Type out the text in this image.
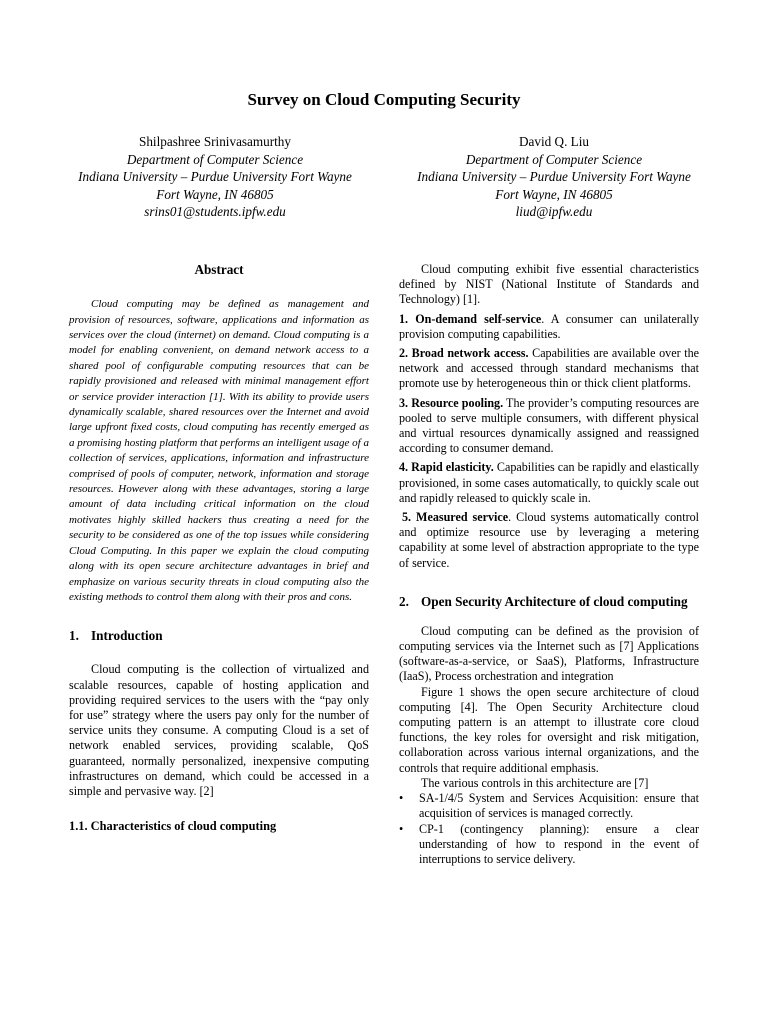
Survey on Cloud Computing Security
Shilpashree Srinivasamurthy
Department of Computer Science
Indiana University – Purdue University Fort Wayne
Fort Wayne, IN 46805
srins01@students.ipfw.edu
David Q. Liu
Department of Computer Science
Indiana University – Purdue University Fort Wayne
Fort Wayne, IN 46805
liud@ipfw.edu
Abstract

Cloud computing may be defined as management and provision of resources, software, applications and information as services over the cloud (internet) on demand. Cloud computing is a model for enabling convenient, on demand network access to a shared pool of configurable computing resources that can be rapidly provisioned and released with minimal management effort or service provider interaction [1]. With its ability to provide users dynamically scalable, shared resources over the Internet and avoid large upfront fixed costs, cloud computing has recently emerged as a promising hosting platform that performs an intelligent usage of a collection of services, applications, information and infrastructure comprised of pools of computer, network, information and storage resources. However along with these advantages, storing a large amount of data including critical information on the cloud motivates highly skilled hackers thus creating a need for the security to be considered as one of the top issues while considering Cloud Computing. In this paper we explain the cloud computing along with its open secure architecture advantages in brief and emphasize on various security threats in cloud computing also the existing methods to control them along with their pros and cons.

1. Introduction

Cloud computing is the collection of virtualized and scalable resources, capable of hosting application and providing required services to the users with the “pay only for use” strategy where the users pay only for the number of service units they consume. A computing Cloud is a set of network enabled services, providing scalable, QoS guaranteed, normally personalized, inexpensive computing infrastructures on demand, which could be accessed in a simple and pervasive way. [2]

1.1. Characteristics of cloud computing

Cloud computing exhibit five essential characteristics defined by NIST (National Institute of Standards and Technology) [1].

1. On-demand self-service. A consumer can unilaterally provision computing capabilities.

2. Broad network access. Capabilities are available over the network and accessed through standard mechanisms that promote use by heterogeneous thin or thick client platforms.

3. Resource pooling. The provider’s computing resources are pooled to serve multiple consumers, with different physical and virtual resources dynamically assigned and reassigned according to consumer demand.

4. Rapid elasticity. Capabilities can be rapidly and elastically provisioned, in some cases automatically, to quickly scale out and rapidly released to quickly scale in.

5. Measured service. Cloud systems automatically control and optimize resource use by leveraging a metering capability at some level of abstraction appropriate to the type of service.

2. Open Security Architecture of cloud computing

Cloud computing can be defined as the provision of computing services via the Internet such as [7] Applications (software-as-a-service, or SaaS), Platforms, Infrastructure (IaaS), Process orchestration and integration

Figure 1 shows the open secure architecture of cloud computing [4]. The Open Security Architecture cloud computing pattern is an attempt to illustrate core cloud functions, the key roles for oversight and risk mitigation, collaboration across various internal organizations, and the controls that require additional emphasis.

The various controls in this architecture are [7]

•	SA-1/4/5 System and Services Acquisition: ensure that acquisition of services is managed correctly.
•	CP-1 (contingency planning): ensure a clear understanding of how to respond in the event of interruptions to service delivery.
